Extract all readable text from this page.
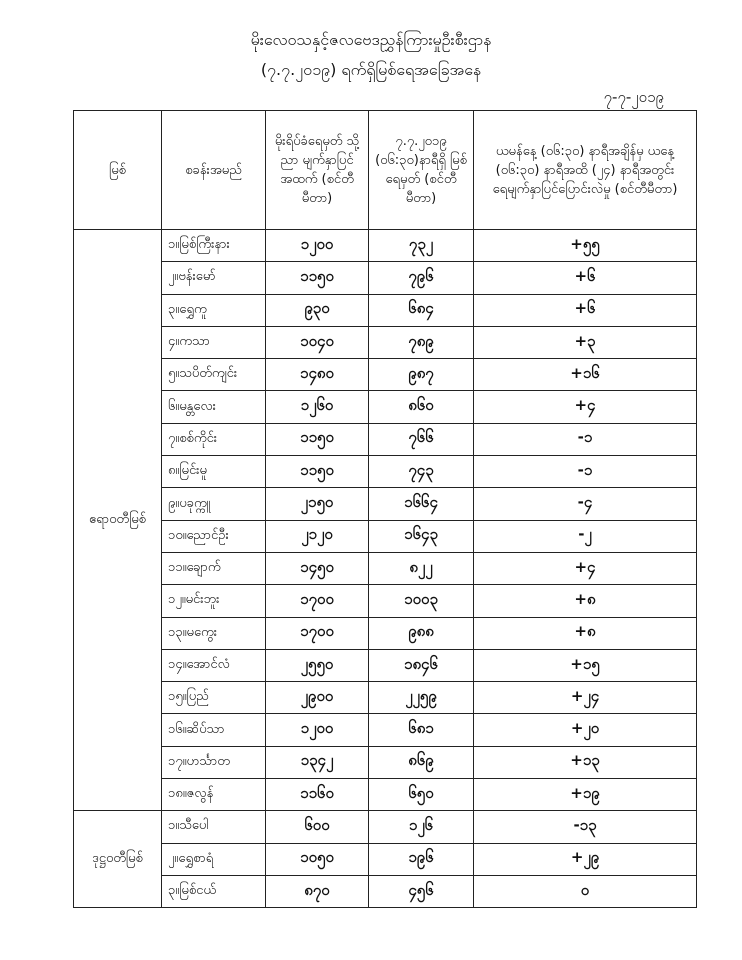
မိုးလေဝသနှင့်ဇလဗေဒညွှန်ကြားမှုဦးစီးဌာန
(၇.၇.၂၀၁၉) ရက်ရှိမြစ်ရေအခြေအနေ
၇-၇-၂၀၁၉
မြစ်	စခန်းအမည်	မိုးရိပ်ခံရေမှတ် သို့ ညာ မျက်နှာပြင် အထက် (စင်တီမီတာ)	၇.၇.၂၀၁၉ (၀၆:၃၀)နာရီရှိ မြစ်ရေမှတ် (စင်တီမီတာ)	ယမန်နေ့ (၀၆:၃၀) နာရီအချိန်မှ ယနေ့ (၀၆:၃၀) နာရီအထိ (၂၄) နာရီအတွင်း ရေမျက်နှာပြင်ပြောင်းလဲမှု (စင်တီမီတာ)
ဧရာဝတီမြစ်	၁။မြစ်ကြီးနား	၁၂၀၀	၇၃၂	+၅၅
	၂။ဗန်းမော်	၁၁၅၀	၇၉၆	+၆
	၃။ရွှေကူ	၉၃၀	၆၈၄	+၆
	၄။ကသာ	၁၀၄၀	၇၈၉	+၃
	၅။သပိတ်ကျင်း	၁၄၈၀	၉၈၇	+၁၆
	၆။မန္တလေး	၁၂၆၀	၈၆၀	+၄
	၇။စစ်ကိုင်း	၁၁၅၀	၇၆၆	-၁
	၈။မြင်းမူ	၁၁၅၀	၇၄၃	-၁
	၉။ပခုက္ကူ	၂၁၅၀	၁၆၆၄	-၄
	၁၀။ညောင်ဦး	၂၁၂၀	၁၆၄၃	-၂
	၁၁။ချောက်	၁၄၅၀	၈၂၂	+၄
	၁၂။မင်းဘူး	၁၇၀၀	၁၀၀၃	+၈
	၁၃။မကွေး	၁၇၀၀	၉၈၈	+၈
	၁၄။အောင်လံ	၂၅၅၀	၁၈၄၆	+၁၅
	၁၅။ပြည်	၂၉၀၀	၂၂၅၉	+၂၄
	၁၆။ဆိပ်သာ	၁၂၀၀	၆၈၁	+၂၀
	၁၇။ဟင်္သာတ	၁၃၄၂	၈၆၉	+၁၃
	၁၈။ဇလွန်	၁၁၆၀	၆၅၀	+၁၉
ဒုဋ္ဌဝတီမြစ်	၁။သီပေါ	၆၀၀	၁၂၆	-၁၃
	၂။ရွှေစာရံ	၁၀၅၀	၁၉၆	+၂၉
	၃။မြစ်ငယ်	၈၇၀	၄၅၆	၀
